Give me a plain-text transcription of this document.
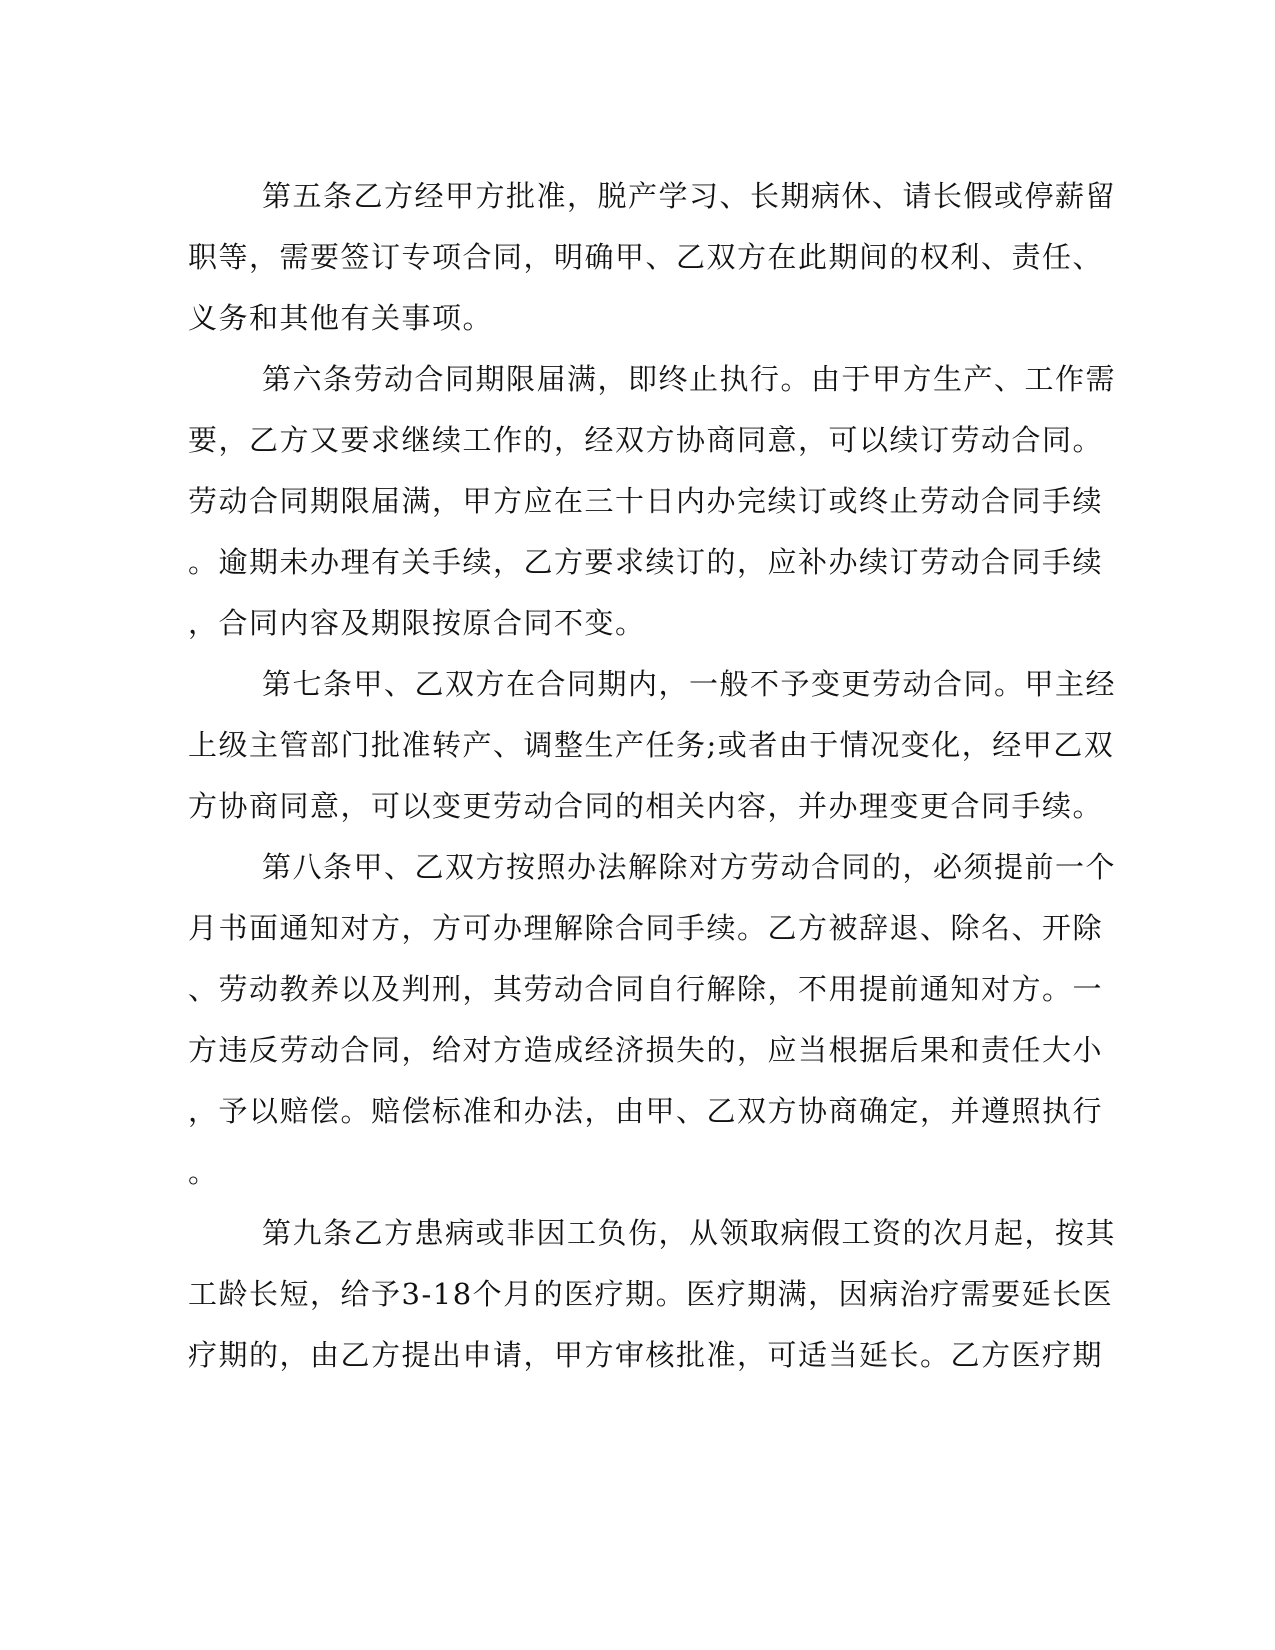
第五条乙方经甲方批准，脱产学习、长期病休、请长假或停薪留
职等，需要签订专项合同，明确甲、乙双方在此期间的权利、责任、
义务和其他有关事项。
第六条劳动合同期限届满，即终止执行。由于甲方生产、工作需
要，乙方又要求继续工作的，经双方协商同意，可以续订劳动合同。
劳动合同期限届满，甲方应在三十日内办完续订或终止劳动合同手续
。逾期未办理有关手续，乙方要求续订的，应补办续订劳动合同手续
，合同内容及期限按原合同不变。
第七条甲、乙双方在合同期内，一般不予变更劳动合同。甲主经
上级主管部门批准转产、调整生产任务;或者由于情况变化，经甲乙双
方协商同意，可以变更劳动合同的相关内容，并办理变更合同手续。
第八条甲、乙双方按照办法解除对方劳动合同的，必须提前一个
月书面通知对方，方可办理解除合同手续。乙方被辞退、除名、开除
、劳动教养以及判刑，其劳动合同自行解除，不用提前通知对方。一
方违反劳动合同，给对方造成经济损失的，应当根据后果和责任大小
，予以赔偿。赔偿标准和办法，由甲、乙双方协商确定，并遵照执行
。
第九条乙方患病或非因工负伤，从领取病假工资的次月起，按其
工龄长短，给予3-18个月的医疗期。医疗期满，因病治疗需要延长医
疗期的，由乙方提出申请，甲方审核批准，可适当延长。乙方医疗期
